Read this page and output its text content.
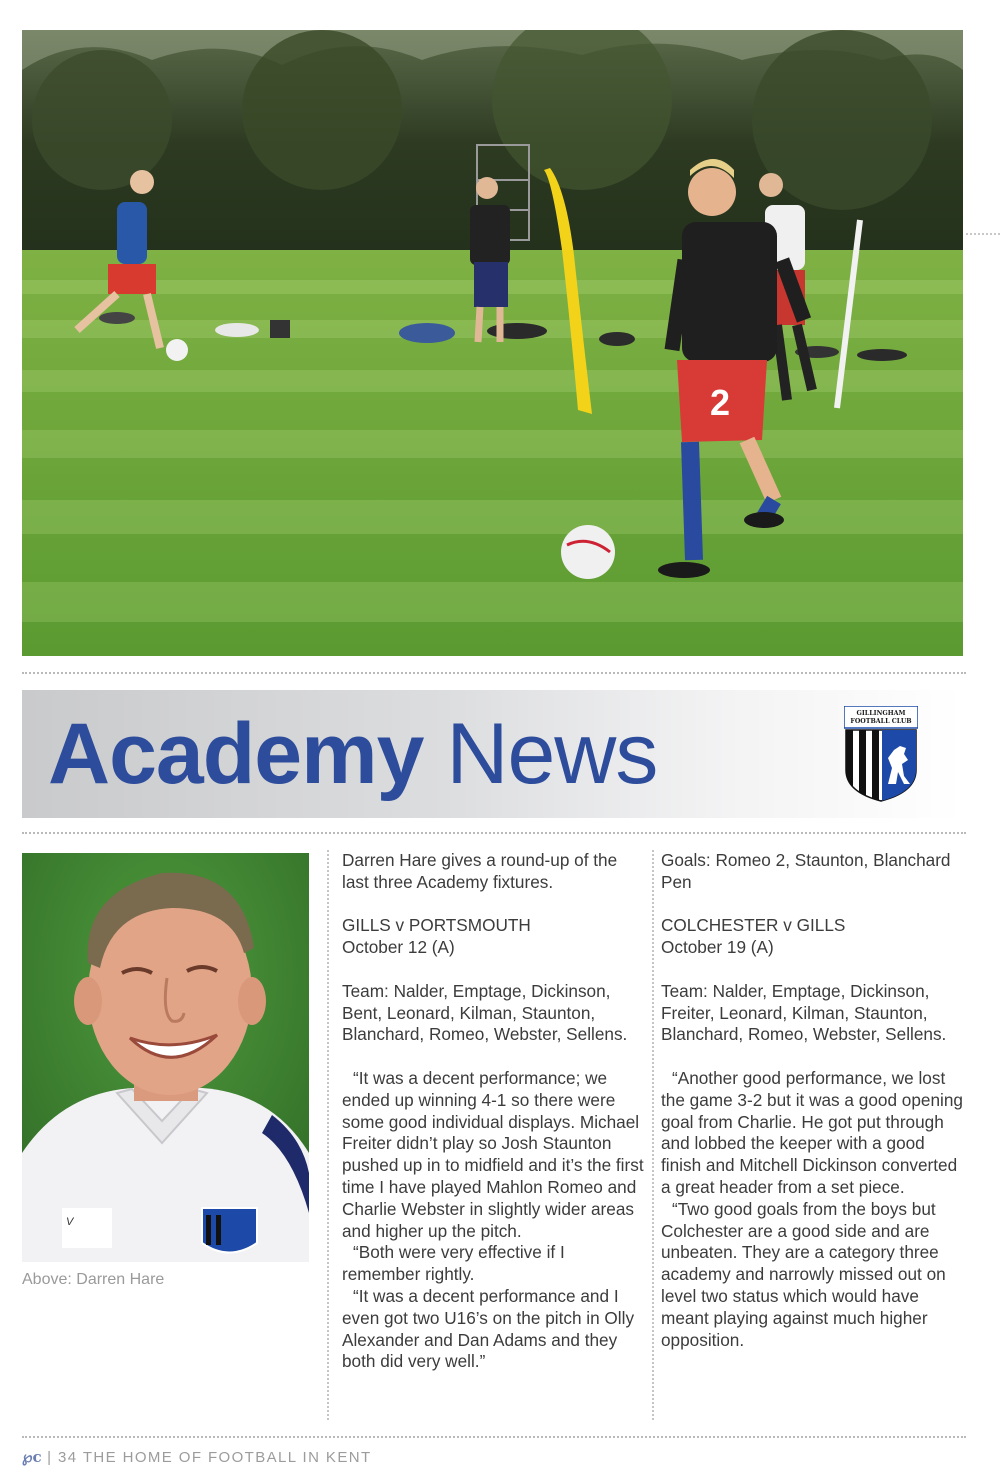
2
Academy News	GILLINGHAM
FOOTBALL CLUB
V
Above: Darren Hare

Darren Hare gives a round-up of the last three Academy fixtures.

GILLS v PORTSMOUTH

October 12 (A)

Team: Nalder, Emptage, Dickinson, Bent, Leonard, Kilman, Staunton, Blanchard, Romeo, Webster, Sellens.

“It was a decent performance; we ended up winning 4-1 so there were some good individual displays. Michael Freiter didn’t play so Josh Staunton pushed up in to midfield and it’s the first time I have played Mahlon Romeo and Charlie Webster in slightly wider areas and higher up the pitch.

“Both were very effective if I remember rightly.

“It was a decent performance and I even got two U16’s on the pitch in Olly Alexander and Dan Adams and they both did very well.”

Goals: Romeo 2, Staunton, Blanchard Pen

COLCHESTER v GILLS

October 19 (A)

Team: Nalder, Emptage, Dickinson, Freiter, Leonard, Kilman, Staunton, Blanchard, Romeo, Webster, Sellens.

“Another good performance, we lost the game 3-2 but it was a good opening goal from Charlie. He got put through and lobbed the keeper with a good finish and Mitchell Dickinson converted a great header from a set piece.

“Two good goals from the boys but Colchester are a good side and are unbeaten. They are a category three academy and narrowly missed out on level two status which would have meant playing against much higher opposition.

℘c | 34 THE HOME OF FOOTBALL IN KENT
